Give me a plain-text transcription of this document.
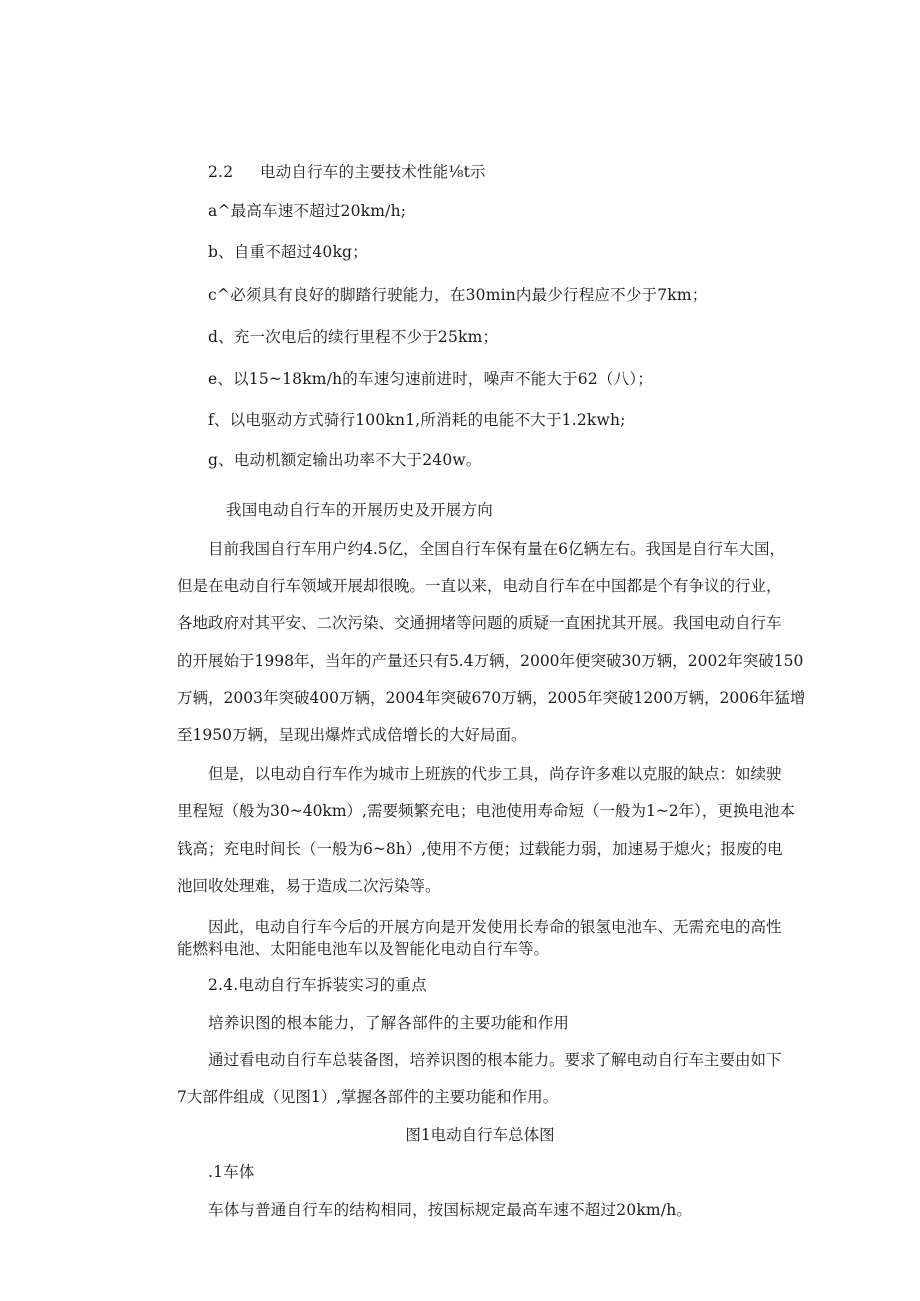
2.2 电动自行车的主要技术性能⅛t示
a^最高车速不超过20km∕h;
b、自重不超过40kg；
c^必须具有良好的脚踏行驶能力，在30min内最少行程应不少于7km；
d、充一次电后的续行里程不少于25km；
e、以15~18km∕h的车速匀速前进时，噪声不能大于62（八）；
f、以电驱动方式骑行100kn1,所消耗的电能不大于1.2kwh;
g、电动机额定输出功率不大于240w。
我国电动自行车的开展历史及开展方向
目前我国自行车用户约4.5亿，全国自行车保有量在6亿辆左右。我国是自行车大国，
但是在电动自行车领域开展却很晚。一直以来，电动自行车在中国都是个有争议的行业，
各地政府对其平安、二次污染、交通拥堵等问题的质疑一直困扰其开展。我国电动自行车
的开展始于1998年，当年的产量还只有5.4万辆，2000年便突破30万辆，2002年突破150
万辆，2003年突破400万辆，2004年突破670万辆，2005年突破1200万辆，2006年猛增
至1950万辆，呈现出爆炸式成倍增长的大好局面。
但是，以电动自行车作为城市上班族的代步工具，尚存许多难以克服的缺点：如续驶
里程短（般为30~40km）,需要频繁充电；电池使用寿命短（一般为1~2年），更换电池本
钱高；充电时间长（一般为6~8h）,使用不方便；过载能力弱，加速易于熄火；报废的电
池回收处理难，易于造成二次污染等。
因此，电动自行车今后的开展方向是开发使用长寿命的银氢电池车、无需充电的高性
能燃料电池、太阳能电池车以及智能化电动自行车等。
2.4.电动自行车拆装实习的重点
培养识图的根本能力，了解各部件的主要功能和作用
通过看电动自行车总装备图，培养识图的根本能力。要求了解电动自行车主要由如下
7大部件组成（见图1）,掌握各部件的主要功能和作用。
图1电动自行车总体图
.1车体
车体与普通自行车的结构相同，按国标规定最高车速不超过20km∕h。
